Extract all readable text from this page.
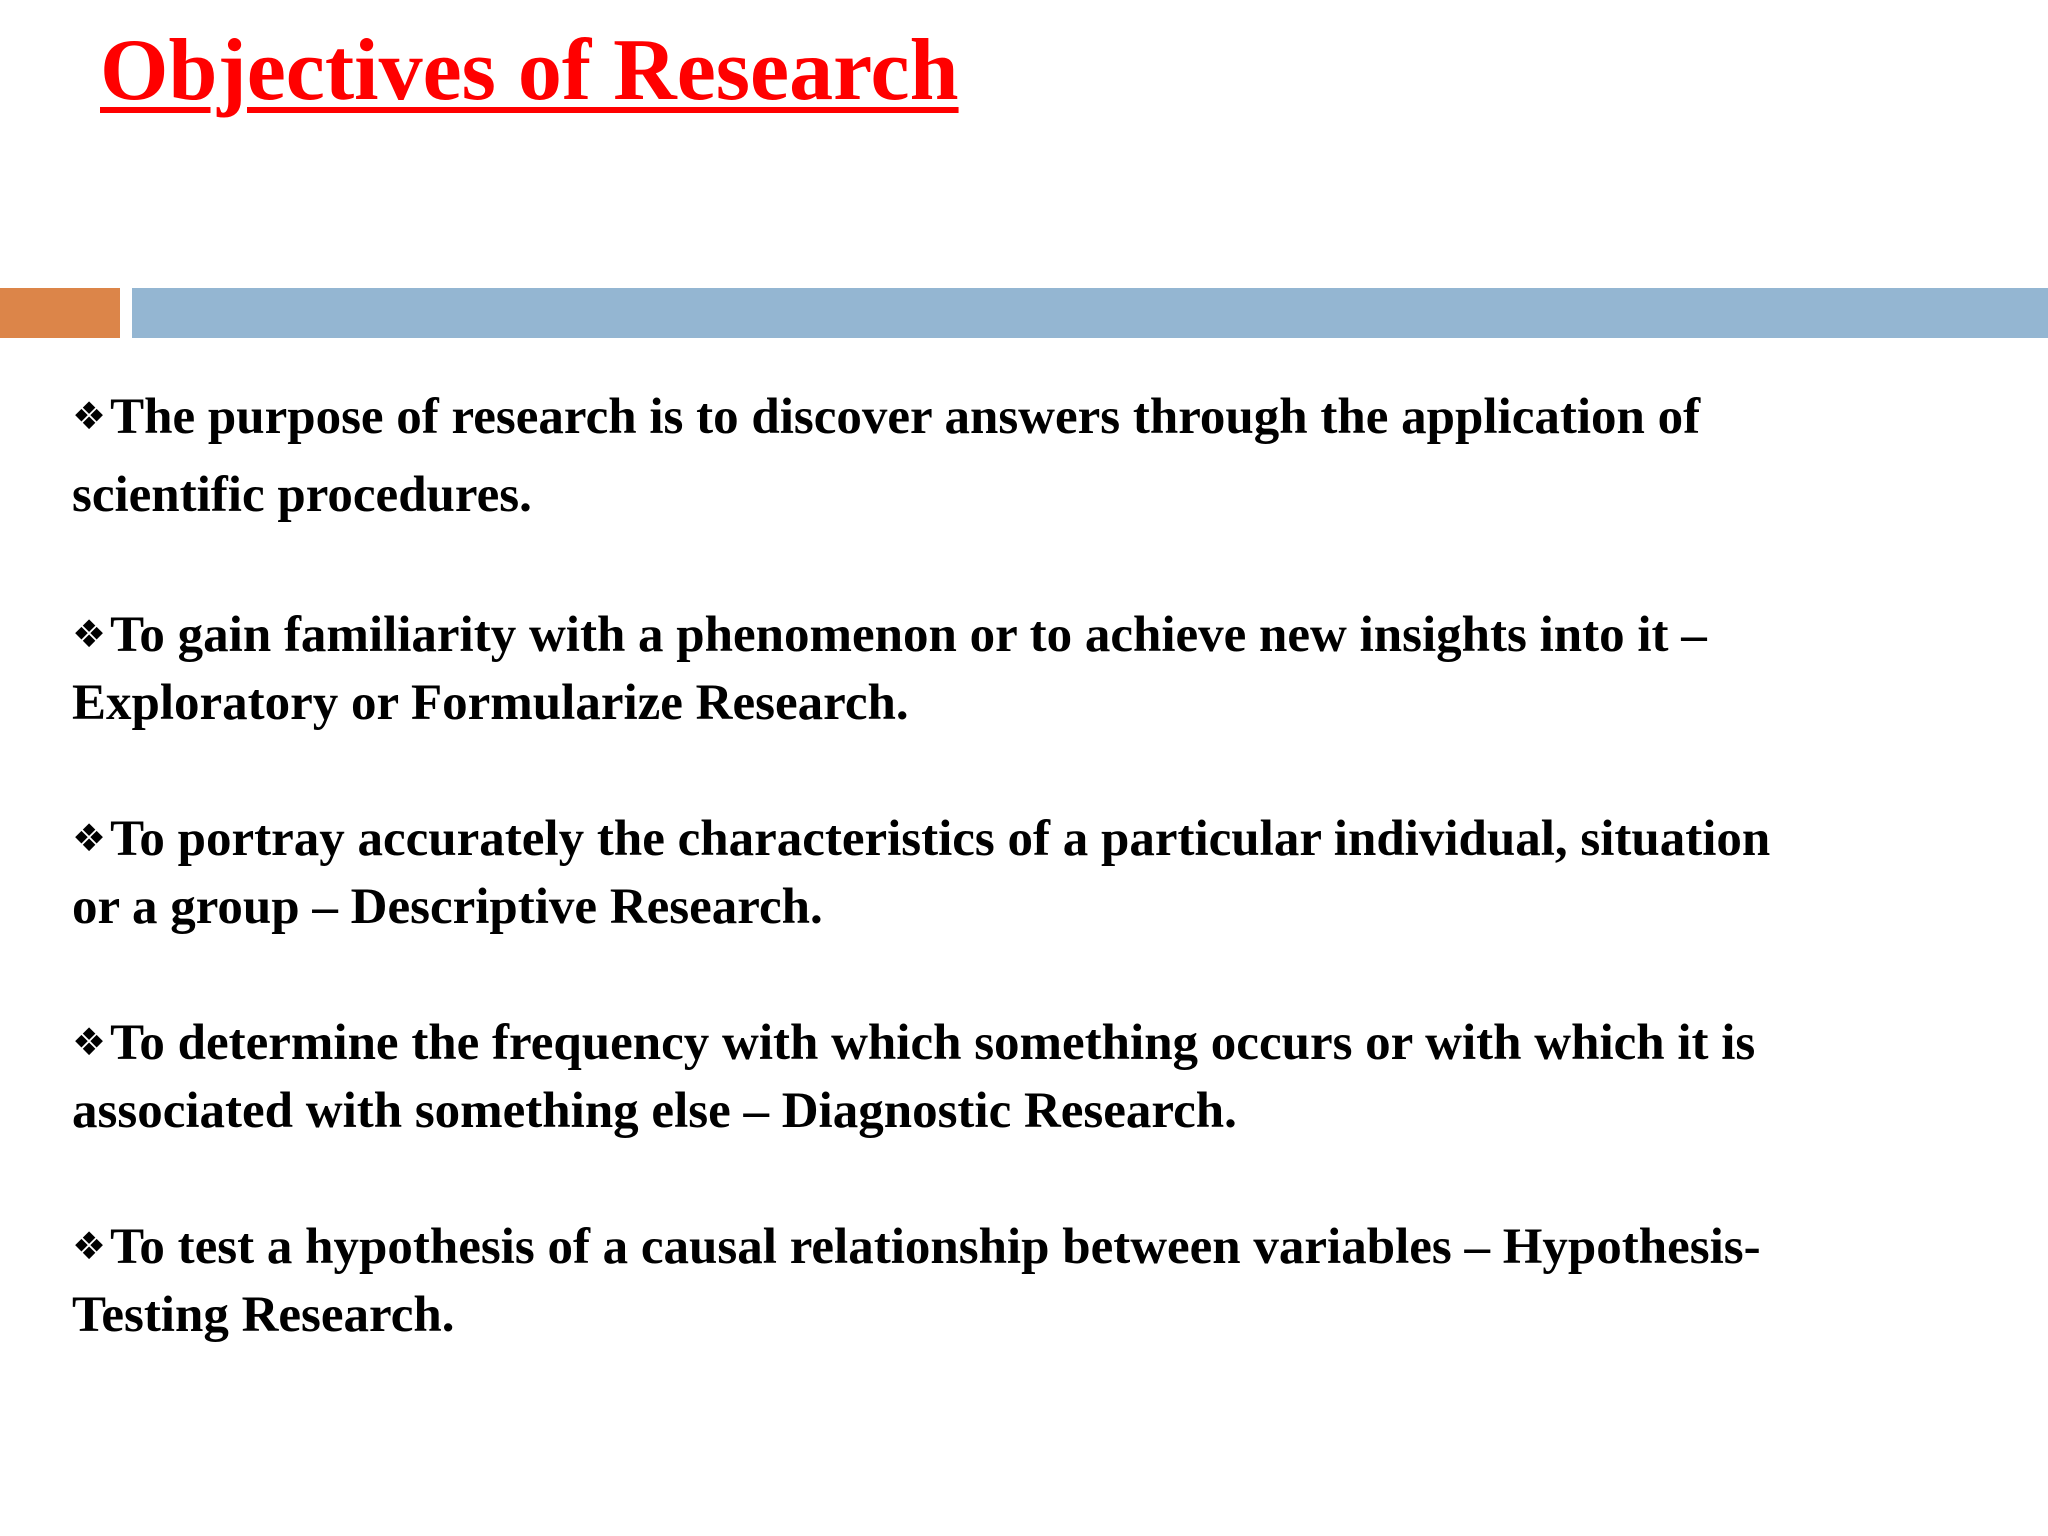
Objectives of Research
❖The purpose of research is to discover answers through the application of
scientific procedures.
❖To gain familiarity with a phenomenon or to achieve new insights into it –
Exploratory or Formularize Research.
❖To portray accurately the characteristics of a particular individual, situation
or a group – Descriptive Research.
❖To determine the frequency with which something occurs or with which it is
associated with something else – Diagnostic Research.
❖To test a hypothesis of a causal relationship between variables – Hypothesis-
Testing Research.
